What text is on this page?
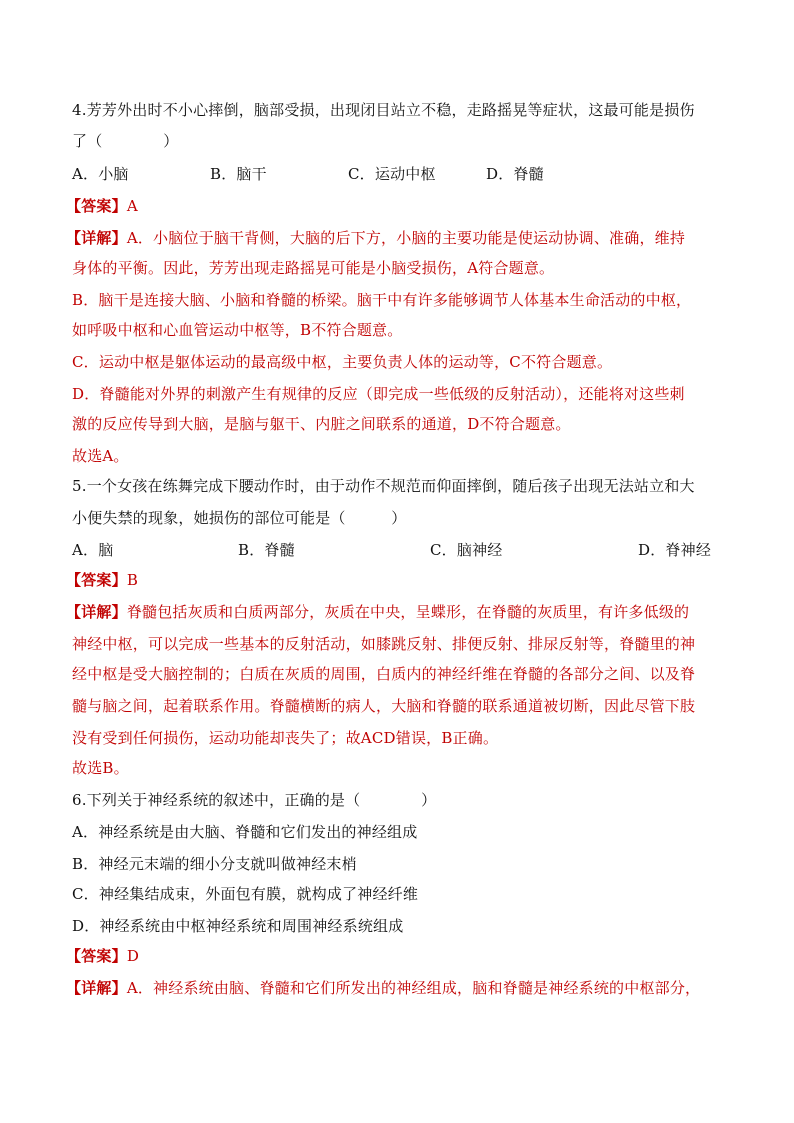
4.芳芳外出时不小心摔倒，脑部受损，出现闭目站立不稳，走路摇晃等症状，这最可能是损伤
了（　　　　）
A．小脑	B．脑干	C．运动中枢	D．脊髓
【答案】A
【详解】A．小脑位于脑干背侧，大脑的后下方，小脑的主要功能是使运动协调、准确，维持
身体的平衡。因此，芳芳出现走路摇晃可能是小脑受损伤，A符合题意。
B．脑干是连接大脑、小脑和脊髓的桥梁。脑干中有许多能够调节人体基本生命活动的中枢，
如呼吸中枢和心血管运动中枢等，B不符合题意。
C．运动中枢是躯体运动的最高级中枢，主要负责人体的运动等，C不符合题意。
D．脊髓能对外界的刺激产生有规律的反应（即完成一些低级的反射活动），还能将对这些刺
激的反应传导到大脑，是脑与躯干、内脏之间联系的通道，D不符合题意。
故选A。
5.一个女孩在练舞完成下腰动作时，由于动作不规范而仰面摔倒，随后孩子出现无法站立和大
小便失禁的现象，她损伤的部位可能是（　　　）
A．脑	B．脊髓	C．脑神经	D．脊神经
【答案】B
【详解】脊髓包括灰质和白质两部分，灰质在中央，呈蝶形，在脊髓的灰质里，有许多低级的
神经中枢，可以完成一些基本的反射活动，如膝跳反射、排便反射、排尿反射等，脊髓里的神
经中枢是受大脑控制的；白质在灰质的周围，白质内的神经纤维在脊髓的各部分之间、以及脊
髓与脑之间，起着联系作用。脊髓横断的病人，大脑和脊髓的联系通道被切断，因此尽管下肢
没有受到任何损伤，运动功能却丧失了；故ACD错误，B正确。
故选B。
6.下列关于神经系统的叙述中，正确的是（　　　　）
A．神经系统是由大脑、脊髓和它们发出的神经组成
B．神经元末端的细小分支就叫做神经末梢
C．神经集结成束，外面包有膜，就构成了神经纤维
D．神经系统由中枢神经系统和周围神经系统组成
【答案】D
【详解】A．神经系统由脑、脊髓和它们所发出的神经组成，脑和脊髓是神经系统的中枢部分，
